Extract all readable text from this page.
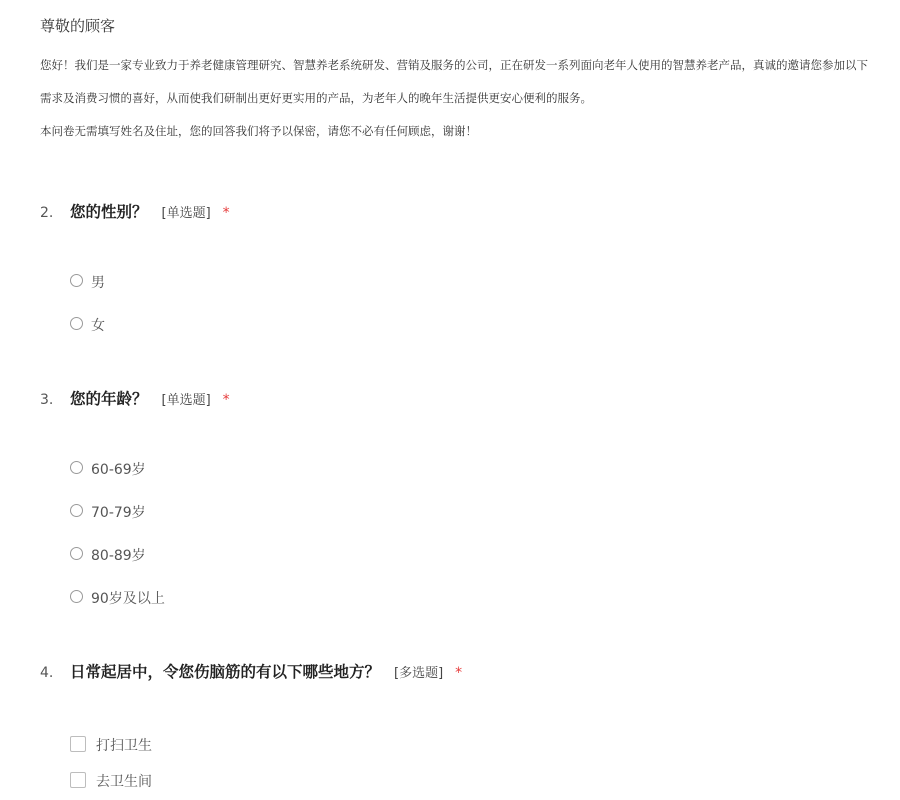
尊敬的顾客

您好！我们是一家专业致力于养老健康管理研究、智慧养老系统研发、营销及服务的公司，正在研发一系列面向老年人使用的智慧养老产品，真诚的邀请您参加以下

需求及消费习惯的喜好，从而使我们研制出更好更实用的产品，为老年人的晚年生活提供更安心便利的服务。

本问卷无需填写姓名及住址，您的回答我们将予以保密，请您不必有任何顾虑，谢谢！

2. 您的性别？ [单选题] *
男
女
3. 您的年龄？ [单选题] *
60-69岁
70-79岁
80-89岁
90岁及以上
4. 日常起居中，令您伤脑筋的有以下哪些地方？ [多选题] *
打扫卫生
去卫生间
